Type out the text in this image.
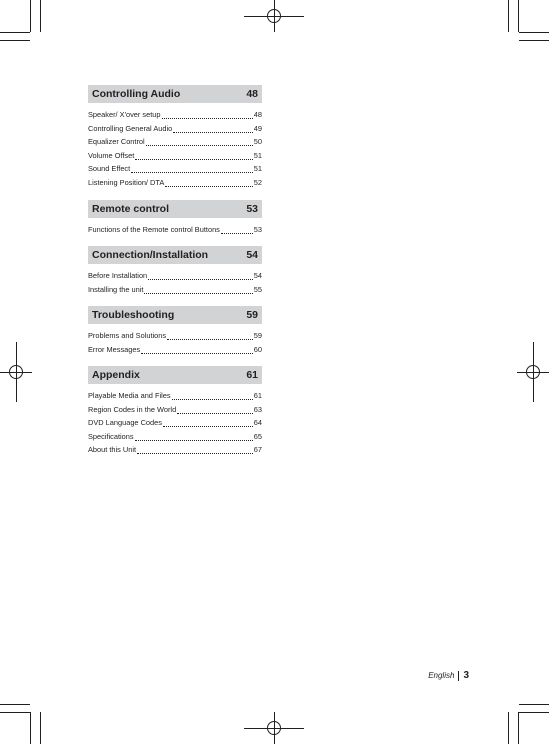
Controlling Audio	48
Speaker/ X'over setup	48
Controlling General Audio	49
Equalizer Control	50
Volume Offset	51
Sound Effect	51
Listening Position/ DTA	52
Remote control	53
Functions of the Remote control Buttons	53
Connection/Installation	54
Before Installation	54
Installing the unit	55
Troubleshooting	59
Problems and Solutions	59
Error Messages	60
Appendix	61
Playable Media and Files	61
Region Codes in the World	63
DVD Language Codes	64
Specifications	65
About this Unit	67
English 3
